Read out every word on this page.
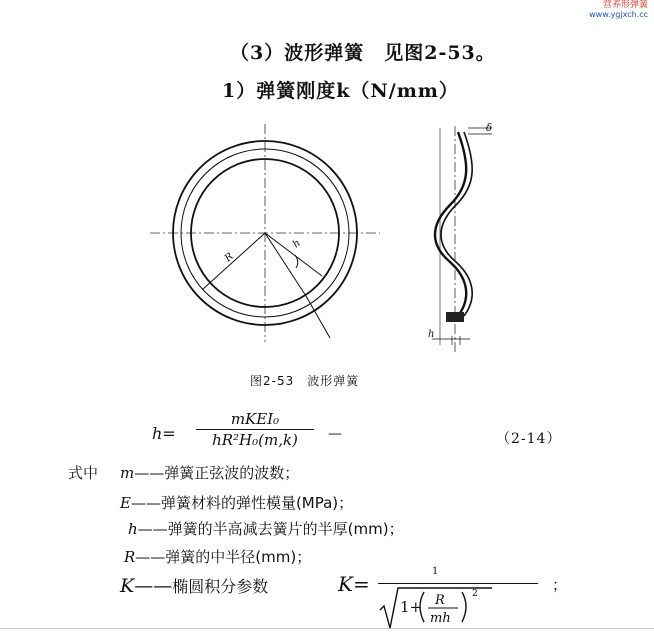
营养形弹簧
www.ygjxch.cc
（3）波形弹簧　见图2-53。
1）弹簧刚度k（N/mm）
R
h
δ
h
图2-53　波形弹簧
h=
mKEI₀
hR²H₀(m,k)	—	（2-14）
式中 m——弹簧正弦波的波数；
E——弹簧材料的弹性模量(MPa)；
h——弹簧的半高减去簧片的半厚(mm)；
R——弹簧的中半径(mm)；
K——椭圆积分参数	K=
1
1+ R
mh
2	；
